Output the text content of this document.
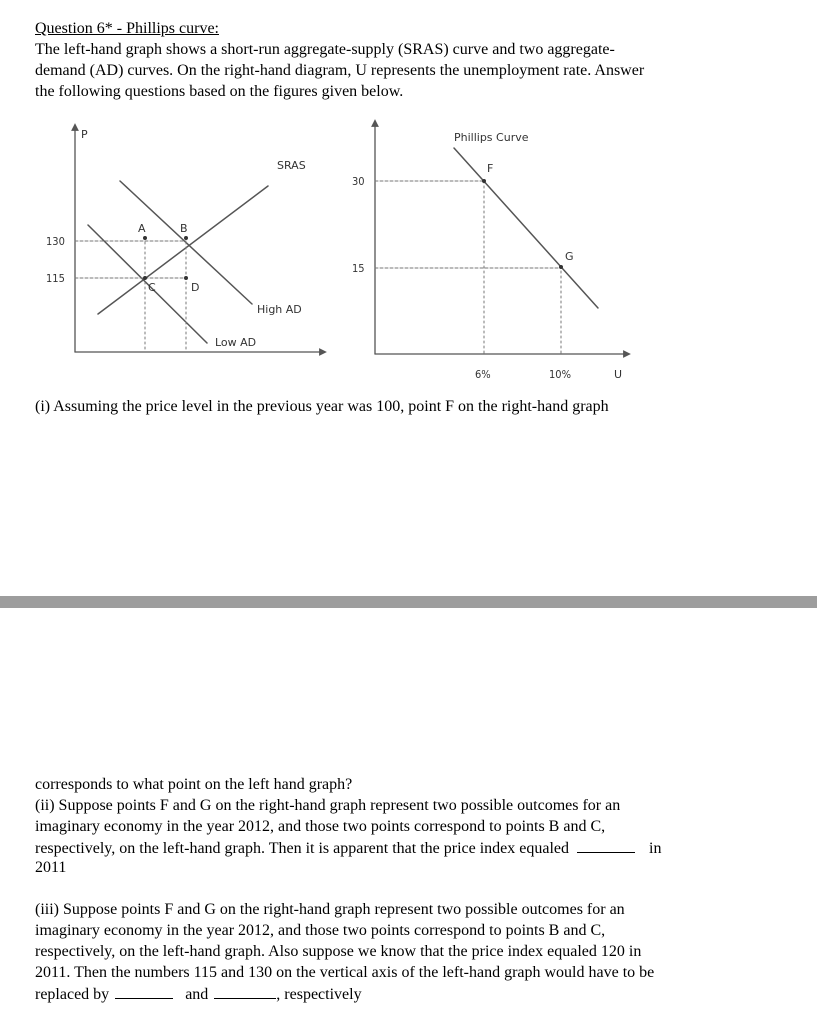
Question 6* - Phillips curve:
The left-hand graph shows a short-run aggregate-supply (SRAS) curve and two aggregate-
demand (AD) curves. On the right-hand diagram, U represents the unemployment rate. Answer
the following questions based on the figures given below.
P
SRAS
High AD
Low AD
130
115
A	B
C	D
Phillips Curve
30
15
F
G
6%	10%	U
(i) Assuming the price level in the previous year was 100, point F on the right-hand graph
corresponds to what point on the left hand graph?
(ii) Suppose points F and G on the right-hand graph represent two possible outcomes for an
imaginary economy in the year 2012, and those two points correspond to points B and C,
respectively, on the left-hand graph. Then it is apparent that the price index equaled	in
2011
(iii) Suppose points F and G on the right-hand graph represent two possible outcomes for an
imaginary economy in the year 2012, and those two points correspond to points B and C,
respectively, on the left-hand graph. Also suppose we know that the price index equaled 120 in
2011. Then the numbers 115 and 130 on the vertical axis of the left-hand graph would have to be
replaced by	and	, respectively
